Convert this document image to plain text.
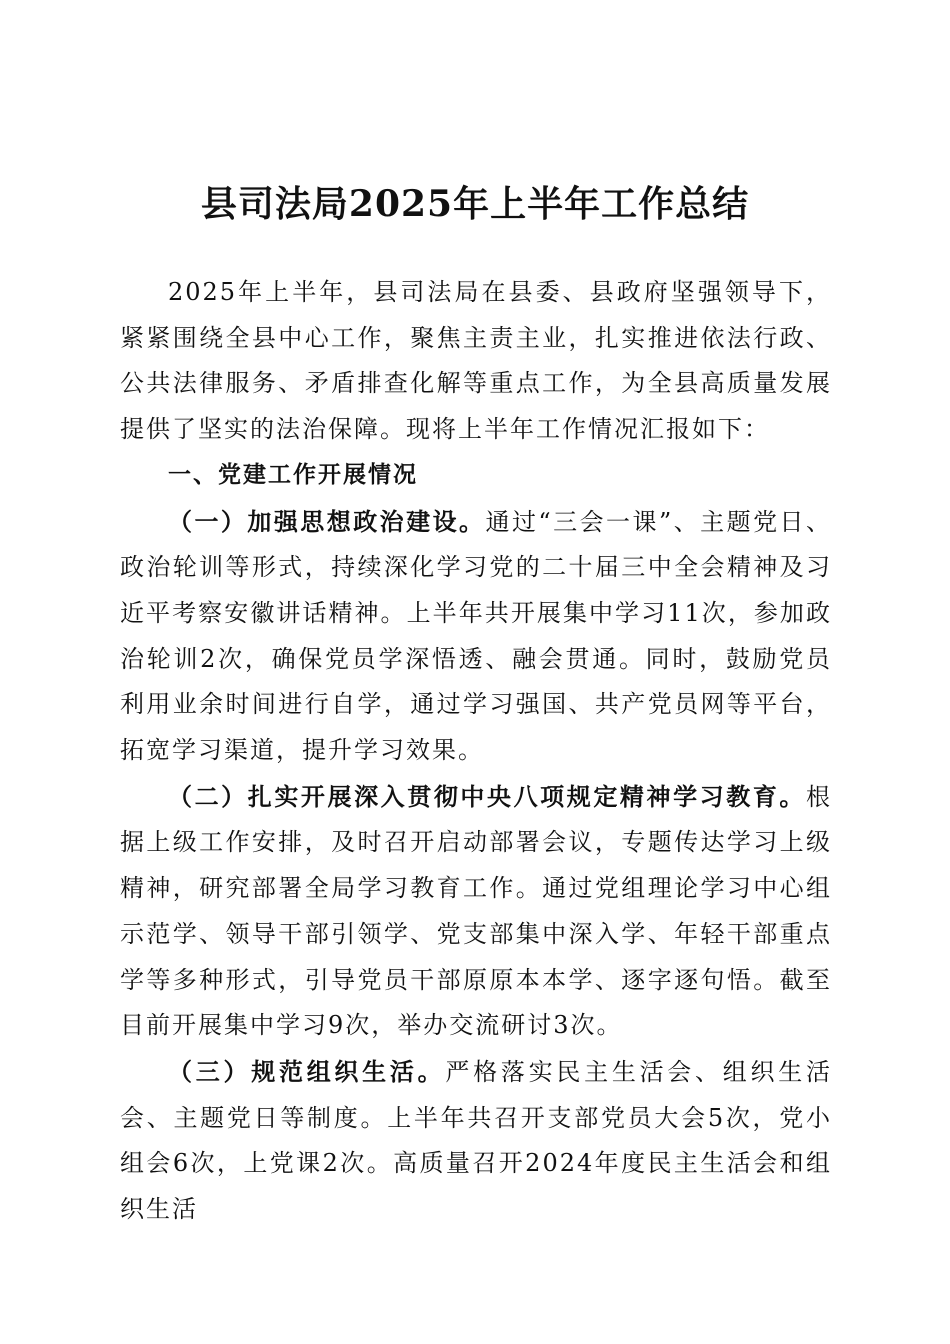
县司法局2025年上半年工作总结

2025年上半年，县司法局在县委、县政府坚强领导下，紧紧围绕全县中心工作，聚焦主责主业，扎实推进依法行政、公共法律服务、矛盾排查化解等重点工作，为全县高质量发展提供了坚实的法治保障。现将上半年工作情况汇报如下：

一、党建工作开展情况

（一）加强思想政治建设。通过“三会一课”、主题党日、政治轮训等形式，持续深化学习党的二十届三中全会精神及习近平考察安徽讲话精神。上半年共开展集中学习11次，参加政治轮训2次，确保党员学深悟透、融会贯通。同时，鼓励党员利用业余时间进行自学，通过学习强国、共产党员网等平台，拓宽学习渠道，提升学习效果。

（二）扎实开展深入贯彻中央八项规定精神学习教育。根据上级工作安排，及时召开启动部署会议，专题传达学习上级精神，研究部署全局学习教育工作。通过党组理论学习中心组示范学、领导干部引领学、党支部集中深入学、年轻干部重点学等多种形式，引导党员干部原原本本学、逐字逐句悟。截至目前开展集中学习9次，举办交流研讨3次。

（三）规范组织生活。严格落实民主生活会、组织生活会、主题党日等制度。上半年共召开支部党员大会5次，党小组会6次，上党课2次。高质量召开2024年度民主生活会和组织生活
